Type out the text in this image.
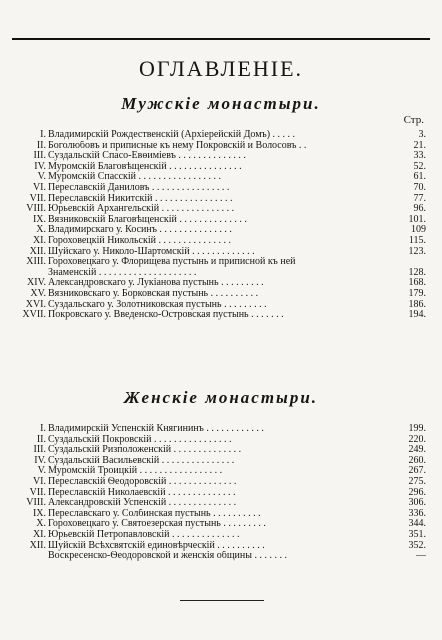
ОГЛАВЛЕНІЕ.
Мужскіе монастыри.
Стр.
I. Владимирскій Рождественскій (Архіерейскій Домъ) . . . . .	3.
II. Боголюбовъ и приписные къ нему Покровскій и Волосовъ . .	21.
III. Суздальскій Спасо-Евѳиміевъ . . . . . . . . . . . . . .	33.
IV. Муромскій Благовѣщенскій . . . . . . . . . . . . . . .	52.
V. Муромскій Спасскій . . . . . . . . . . . . . . . . .	61.
VI. Переславскій Даниловъ . . . . . . . . . . . . . . . .	70.
VII. Переславскій Никитскій . . . . . . . . . . . . . . . .	77.
VIII. Юрьевскій Архангельскій . . . . . . . . . . . . . . .	96.
IX. Вязниковскій Благовѣщенскій . . . . . . . . . . . . . .	101.
X. Владимирскаго у. Косинъ . . . . . . . . . . . . . . .	109
XI. Гороховецкій Никольскій . . . . . . . . . . . . . . .	115.
XII. Шуйскаго у. Николо-Шартомскій . . . . . . . . . . . . .	123.
XIII. Гороховецкаго у. Флорищева пустынь и приписной къ ней
Знаменскій . . . . . . . . . . . . . . . . . . . .	128.
XIV. Александровскаго у. Лукіанова пустынь . . . . . . . . .	168.
XV. Вязниковскаго у. Борковская пустынь . . . . . . . . . .	179.
XVI. Суздальскаго у. Золотниковская пустынь . . . . . . . . .	186.
XVII. Покровскаго у. Введенско-Островская пустынь . . . . . . .	194.
Женскіе монастыри.
I. Владимирскій Успенскій Княгининъ . . . . . . . . . . . .	199.
II. Суздальскій Покровскій . . . . . . . . . . . . . . . .	220.
III. Суздальскій Ризположенскій . . . . . . . . . . . . . .	249.
IV. Суздальскій Васильевскій . . . . . . . . . . . . . . .	260.
V. Муромскій Троицкій . . . . . . . . . . . . . . . . .	267.
VI. Переславскій Ѳеодоровскій . . . . . . . . . . . . . .	275.
VII. Переславскій Николаевскій . . . . . . . . . . . . . .	296.
VIII. Александровскій Успенскій . . . . . . . . . . . . . .	306.
IX. Переславскаго у. Солбинская пустынь . . . . . . . . . .	336.
X. Гороховецкаго у. Святоезерская пустынь . . . . . . . . .	344.
XI. Юрьевскій Петропавловскій . . . . . . . . . . . . . .	351.
XII. Шуйскій Всѣхсвятскій единовѣрческій . . . . . . . . . .	352.
Воскресенско-Ѳеодоровской и женскія общины . . . . . . .	—
